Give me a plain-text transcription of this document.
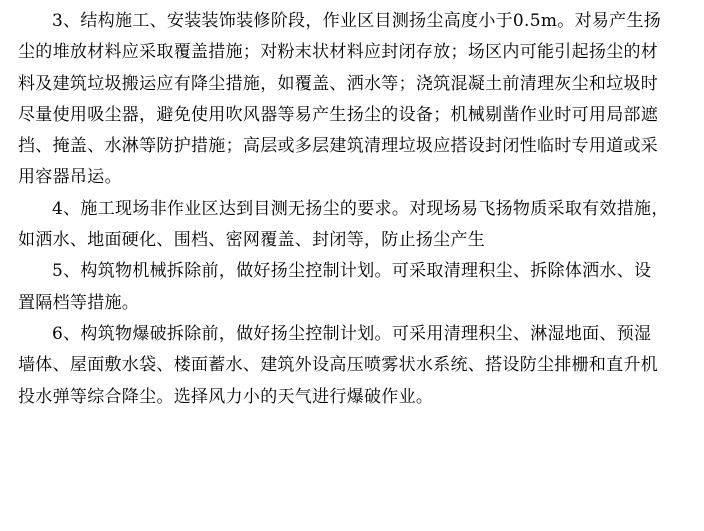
3、结构施工、安装装饰装修阶段，作业区目测扬尘高度小于0.5m。对易产生扬
尘的堆放材料应采取覆盖措施；对粉末状材料应封闭存放；场区内可能引起扬尘的材
料及建筑垃圾搬运应有降尘措施，如覆盖、洒水等；浇筑混凝土前清理灰尘和垃圾时
尽量使用吸尘器，避免使用吹风器等易产生扬尘的设备；机械剔凿作业时可用局部遮
挡、掩盖、水淋等防护措施；高层或多层建筑清理垃圾应搭设封闭性临时专用道或采
用容器吊运。

4、施工现场非作业区达到目测无扬尘的要求。对现场易飞扬物质采取有效措施，
如洒水、地面硬化、围档、密网覆盖、封闭等，防止扬尘产生

5、构筑物机械拆除前，做好扬尘控制计划。可采取清理积尘、拆除体洒水、设
置隔档等措施。

6、构筑物爆破拆除前，做好扬尘控制计划。可采用清理积尘、淋湿地面、预湿
墙体、屋面敷水袋、楼面蓄水、建筑外设高压喷雾状水系统、搭设防尘排栅和直升机
投水弹等综合降尘。选择风力小的天气进行爆破作业。
